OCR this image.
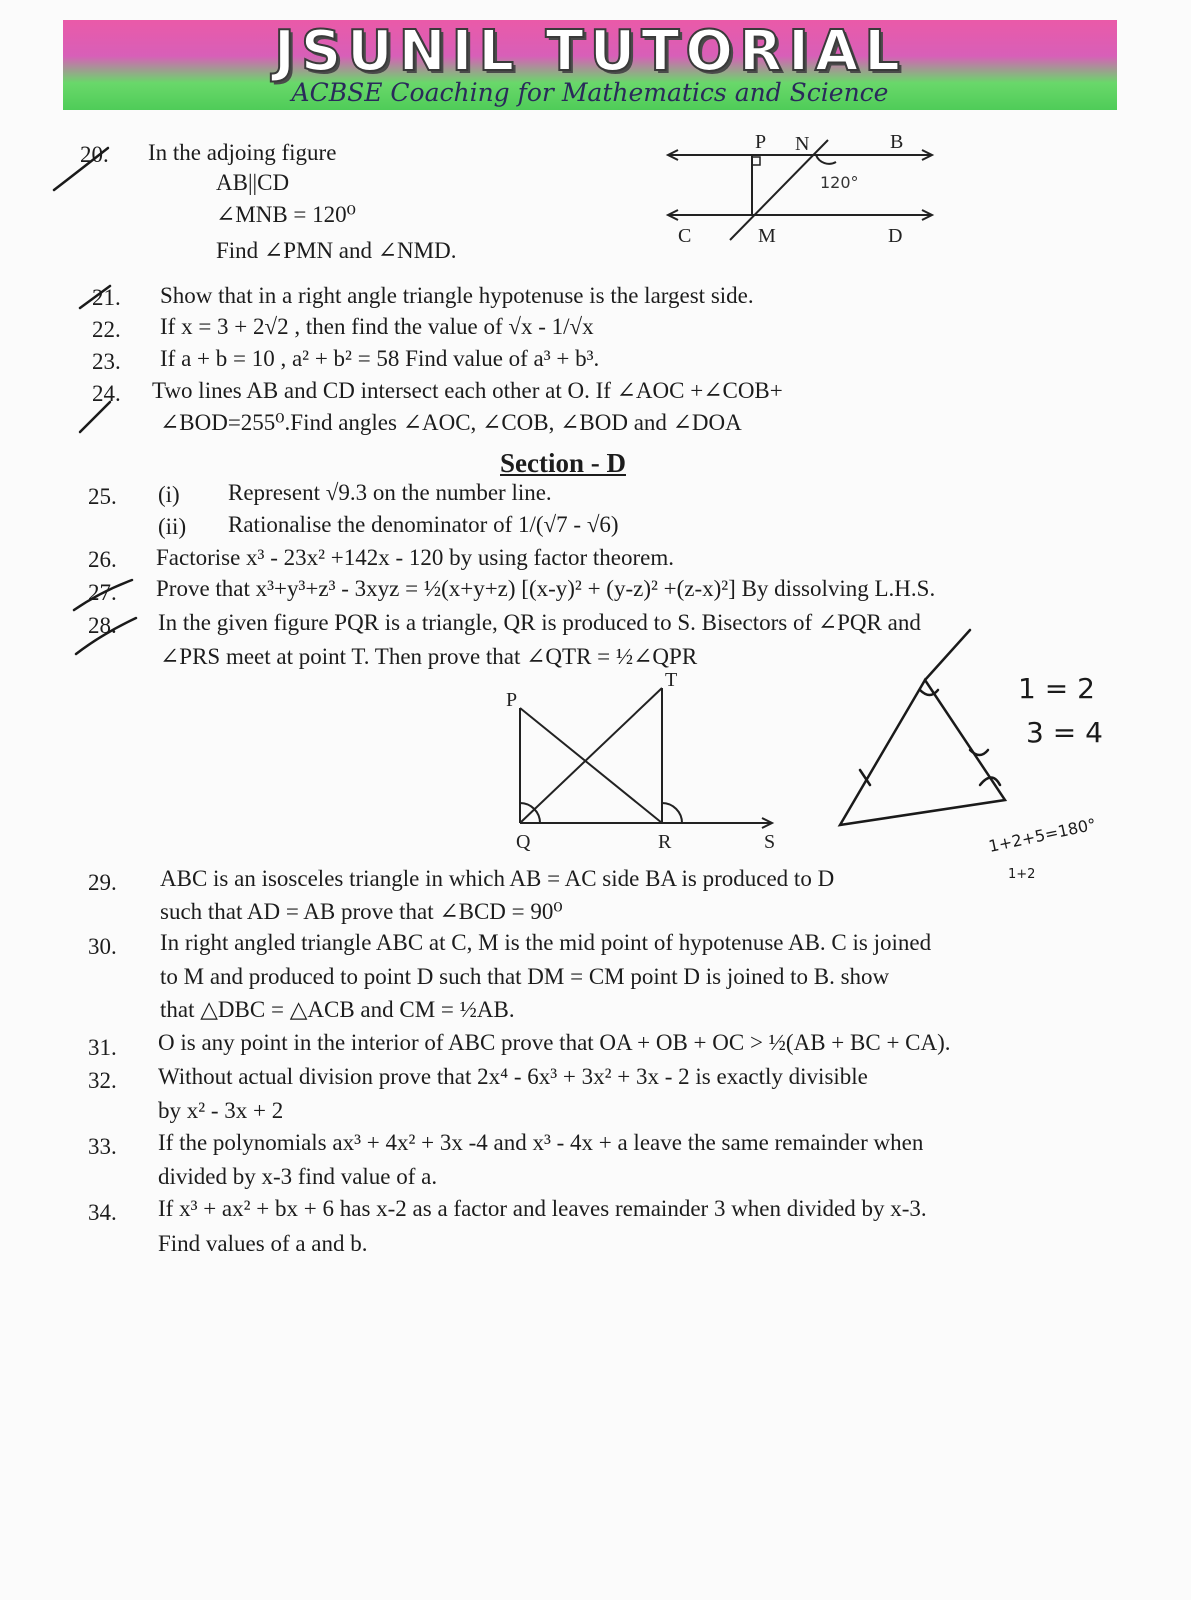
JSUNIL TUTORIAL
ACBSE Coaching for Mathematics and Science
20. In the adjoing figure
AB||CD
∠MNB = 120⁰
Find ∠PMN and ∠NMD.
P N	B
C	M	D
120°
21. Show that in a right angle triangle hypotenuse is the largest side.
22. If x = 3 + 2√2 , then find the value of √x - 1/√x
23. If a + b = 10 , a² + b² = 58 Find value of a³ + b³.
24. Two lines AB and CD intersect each other at O. If ∠AOC +∠COB+
∠BOD=255⁰.Find angles ∠AOC, ∠COB, ∠BOD and ∠DOA
Section - D
25. (i) Represent √9.3 on the number line.
(ii) Rationalise the denominator of 1/(√7 - √6)
26. Factorise x³ - 23x² +142x - 120 by using factor theorem.
27. Prove that x³+y³+z³ - 3xyz = ½(x+y+z) [(x-y)² + (y-z)² +(z-x)²] By dissolving L.H.S.
28. In the given figure PQR is a triangle, QR is produced to S. Bisectors of ∠PQR and
∠PRS meet at point T. Then prove that ∠QTR = ½∠QPR
P
T
Q	R	S
1 = 2
3 = 4
1+2+5=180°
1+2
29. ABC is an isosceles triangle in which AB = AC side BA is produced to D
such that AD = AB prove that ∠BCD = 90⁰
30. In right angled triangle ABC at C, M is the mid point of hypotenuse AB. C is joined
to M and produced to point D such that DM = CM point D is joined to B. show
that △DBC = △ACB and CM = ½AB.
31. O is any point in the interior of ABC prove that OA + OB + OC > ½(AB + BC + CA).
32. Without actual division prove that 2x⁴ - 6x³ + 3x² + 3x - 2 is exactly divisible
by x² - 3x + 2
33. If the polynomials ax³ + 4x² + 3x -4 and x³ - 4x + a leave the same remainder when
divided by x-3 find value of a.
34. If x³ + ax² + bx + 6 has x-2 as a factor and leaves remainder 3 when divided by x-3.
Find values of a and b.
